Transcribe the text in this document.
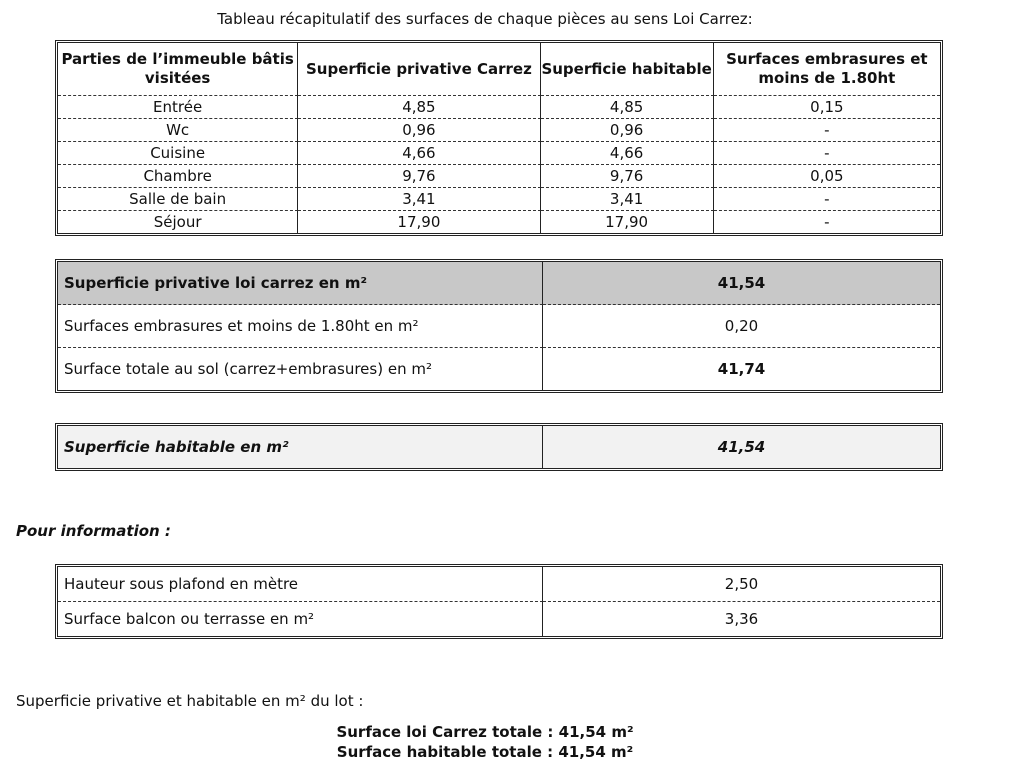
Tableau récapitulatif des surfaces de chaque pièces au sens Loi Carrez:
Parties de l’immeuble bâtis visitées	Superficie privative Carrez	Superficie habitable	Surfaces embrasures et moins de 1.80ht
Entrée	4,85	4,85	0,15
Wc	0,96	0,96	-
Cuisine	4,66	4,66	-
Chambre	9,76	9,76	0,05
Salle de bain	3,41	3,41	-
Séjour	17,90	17,90	-
Superficie privative loi carrez en m²	41,54
Surfaces embrasures et moins de 1.80ht en m²	0,20
Surface totale au sol (carrez+embrasures) en m²	41,74
Superficie habitable en m²	41,54
Pour information :
Hauteur sous plafond en mètre	2,50
Surface balcon ou terrasse en m²	3,36
Superficie privative et habitable en m² du lot :
Surface loi Carrez totale : 41,54 m²
Surface habitable totale : 41,54 m²
